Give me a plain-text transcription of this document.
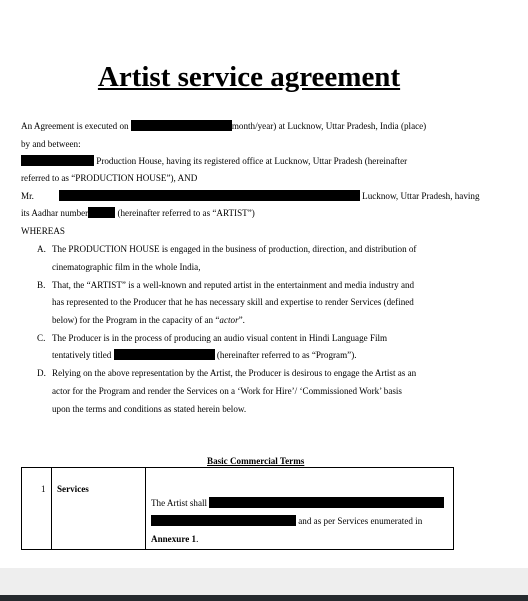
Artist service agreement
An Agreement is executed on	month/year) at Lucknow, Uttar Pradesh, India (place)
by and between:
Production House, having its registered office at Lucknow, Uttar Pradesh (hereinafter
referred to as “PRODUCTION HOUSE”), AND
Mr.	Lucknow, Uttar Pradesh, having
its Aadhar number	(hereinafter referred to as “ARTIST”)
WHEREAS
A. The PRODUCTION HOUSE is engaged in the business of production, direction, and distribution of
cinematographic film in the whole India,
B. That, the “ARTIST” is a well-known and reputed artist in the entertainment and media industry and
has represented to the Producer that he has necessary skill and expertise to render Services (defined
below) for the Program in the capacity of an “actor”.
C. The Producer is in the process of producing an audio visual content in Hindi Language Film
tentatively titled	(hereinafter referred to as “Program”).
D. Relying on the above representation by the Artist, the Producer is desirous to engage the Artist as an
actor for the Program and render the Services on a ‘Work for Hire’/ ‘Commissioned Work’ basis
upon the terms and conditions as stated herein below.
Basic Commercial Terms
1 Services
The Artist shall
and as per Services enumerated in
Annexure 1.
